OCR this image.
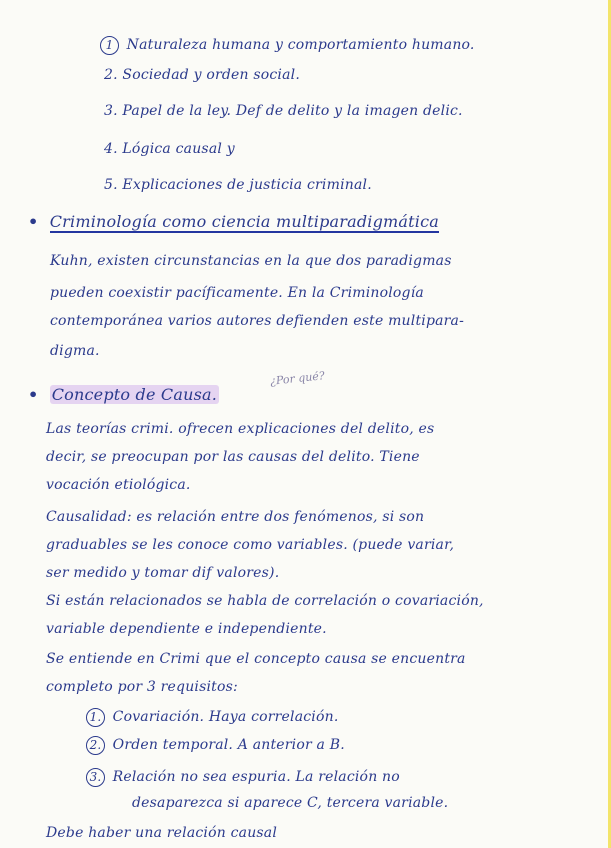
1 Naturaleza humana y comportamiento humano.
2. Sociedad y orden social.
3. Papel de la ley. Def de delito y la imagen delic.
4. Lógica causal y
5. Explicaciones de justicia criminal.
• Criminología como ciencia multiparadigmática
Kuhn, existen circunstancias en la que dos paradigmas
pueden coexistir pacíficamente. En la Criminología
contemporánea varios autores defienden este multipara-
digma.
• Concepto de Causa.
¿Por qué?
Las teorías crimi. ofrecen explicaciones del delito, es
decir, se preocupan por las causas del delito. Tiene
vocación etiológica.
Causalidad: es relación entre dos fenómenos, si son
graduables se les conoce como variables. (puede variar,
ser medido y tomar dif valores).
Si están relacionados se habla de correlación o covariación,
variable dependiente e independiente.
Se entiende en Crimi que el concepto causa se encuentra
completo por 3 requisitos:
1. Covariación. Haya correlación.
2. Orden temporal. A anterior a B.
3. Relación no sea espuria. La relación no
desaparezca si aparece C, tercera variable.
Debe haber una relación causal
